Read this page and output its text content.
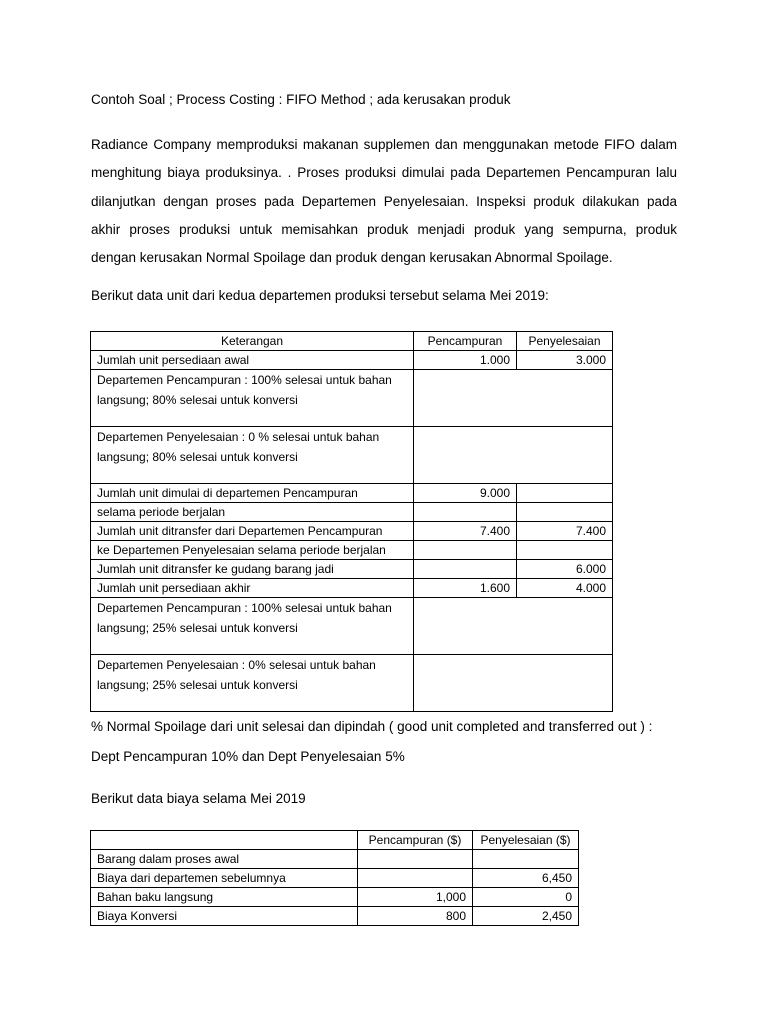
Contoh Soal ; Process Costing : FIFO Method ; ada kerusakan produk
Radiance Company memproduksi makanan supplemen dan menggunakan metode FIFO dalam
menghitung biaya produksinya. . Proses produksi dimulai pada Departemen Pencampuran lalu
dilanjutkan dengan proses pada Departemen Penyelesaian. Inspeksi produk dilakukan pada
akhir proses produksi untuk memisahkan produk menjadi produk yang sempurna, produk
dengan kerusakan Normal Spoilage dan produk dengan kerusakan Abnormal Spoilage.
Berikut data unit dari kedua departemen produksi tersebut selama Mei 2019:
Keterangan	Pencampuran	Penyelesaian
Jumlah unit persediaan awal	1.000	3.000
Departemen Pencampuran : 100% selesai untuk bahan
langsung; 80% selesai untuk konversi		
Departemen Penyelesaian : 0 % selesai untuk bahan
langsung; 80% selesai untuk konversi		
Jumlah unit dimulai di departemen Pencampuran	9.000	
selama periode berjalan		
Jumlah unit ditransfer dari Departemen Pencampuran	7.400	7.400
ke Departemen Penyelesaian selama periode berjalan		
Jumlah unit ditransfer ke gudang barang jadi		6.000
Jumlah unit persediaan akhir	1.600	4.000
Departemen Pencampuran : 100% selesai untuk bahan
langsung; 25% selesai untuk konversi		
Departemen Penyelesaian : 0% selesai untuk bahan
langsung; 25% selesai untuk konversi		
% Normal Spoilage dari unit selesai dan dipindah ( good unit completed and transferred out ) :
Dept Pencampuran 10% dan Dept Penyelesaian 5%
Berikut data biaya selama Mei 2019
	Pencampuran ($)	Penyelesaian ($)
Barang dalam proses awal		
Biaya dari departemen sebelumnya		6,450
Bahan baku langsung	1,000	0
Biaya Konversi	800	2,450
